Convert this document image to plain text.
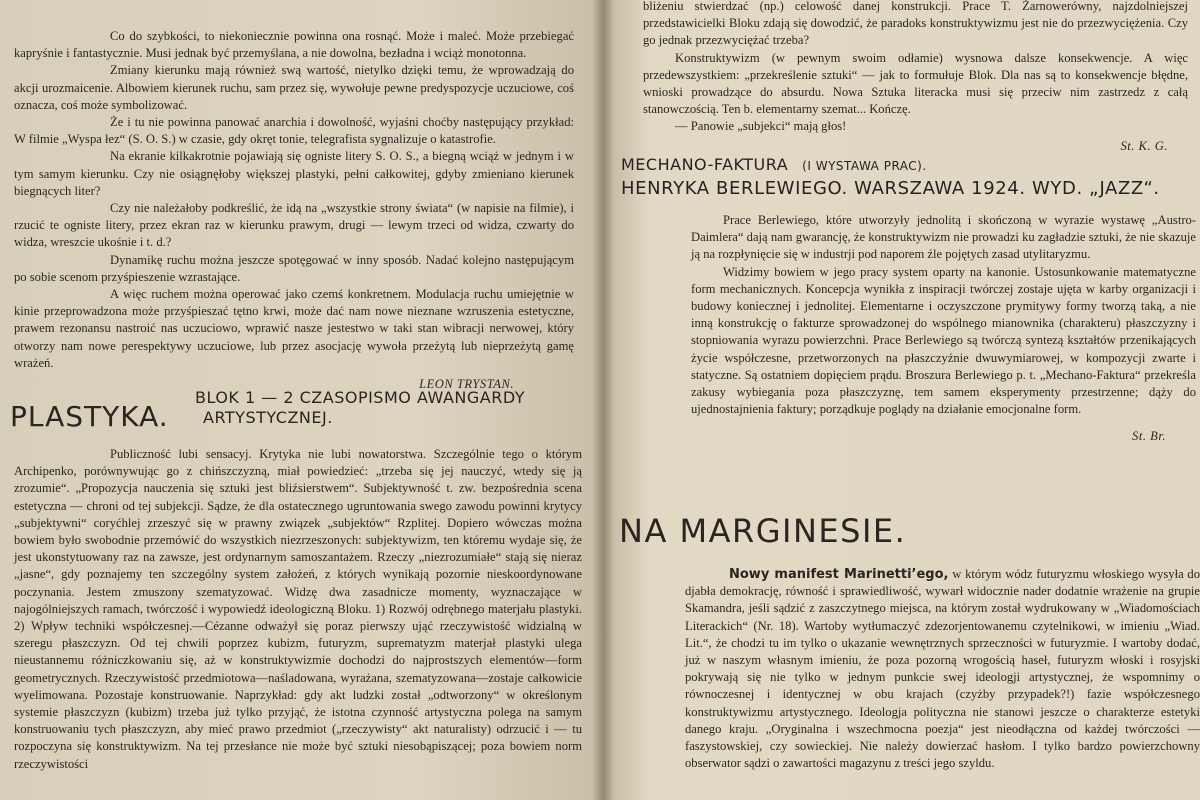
Co do szybkości, to niekoniecznie powinna ona rosnąć. Może i maleć. Może przebiegać kapryśnie i fantastycznie. Musi jednak być przemyślana, a nie dowolna, bezładna i wciąż monotonna.

Zmiany kierunku mają również swą wartość, nietylko dzięki temu, że wprowadzają do akcji urozmaicenie. Albowiem kierunek ruchu, sam przez się, wywołuje pewne predyspozycje uczuciowe, coś oznacza, coś może symbolizować.

Że i tu nie powinna panować anarchia i dowolność, wyjaśni choćby następujący przykład: W filmie „Wyspa łez“ (S. O. S.) w czasie, gdy okręt tonie, telegrafista sygnalizuje o katastrofie.

Na ekranie kilkakrotnie pojawiają się ogniste litery S. O. S., a biegną wciąż w jednym i w tym samym kierunku. Czy nie osiągnęłoby większej plastyki, pełni całkowitej, gdyby zmieniano kierunek biegnących liter?

Czy nie należałoby podkreślić, że idą na „wszystkie strony świata“ (w napisie na filmie), i rzucić te ogniste litery, przez ekran raz w kierunku prawym, drugi — lewym trzeci od widza, czwarty do widza, wreszcie ukośnie i t. d.?

Dynamikę ruchu można jeszcze spotęgować w inny sposób. Nadać kolejno następującym po sobie scenom przyśpieszenie wzrastające.

A więc ruchem można operować jako czemś konkretnem. Modulacja ruchu umiejętnie w kinie przeprowadzona może przyśpieszać tętno krwi, może dać nam nowe nieznane wzruszenia estetyczne, prawem rezonansu nastroić nas uczuciowo, wprawić nasze jestestwo w taki stan wibracji nerwowej, który otworzy nam nowe perespektywy uczuciowe, lub przez asocjację wywoła przeżytą lub nieprzeżytą gamę wrażeń.

LEON TRYSTAN.
PLASTYKA.
BLOK 1 — 2 CZASOPISMO AWANGARDY
ARTYSTYCZNEJ.

Publiczność lubi sensacyj. Krytyka nie lubi nowatorstwa. Szczególnie tego o którym Archipenko, porównywując go z chińszczyzną, miał powiedzieć: „trzeba się jej nauczyć, wtedy się ją zrozumie“. „Propozycja nauczenia się sztuki jest bliźsierstwem“. Subjektywność t. zw. bezpośrednia scena estetyczna — chroni od tej subjekcji. Sądze, że dla ostatecznego ugruntowania swego zawodu powinni krytycy „subjektywni“ coryćhlej zrzeszyć się w prawny związek „subjektów“ Rzplitej. Dopiero wówczas można bowiem było swobodnie przemówić do wszystkich niezrzeszonych: subjektywizm, ten któremu wydaje się, że jest ukonstytuowany raz na zawsze, jest ordynarnym samoszantażem. Rzeczy „niezrozumiałe“ stają się nieraz „jasne“, gdy poznajemy ten szczególny system założeń, z których wynikają pozornie nieskoordynowane poczynania. Jestem zmuszony szematyzować. Widzę dwa zasadnicze momenty, wyznaczające w najogólniejszych ramach, twórczość i wypowiedź ideologiczną Bloku. 1) Rozwój odrębnego materjału plastyki. 2) Wpływ techniki współczesnej.—Cézanne odważył się poraz pierwszy ująć rzeczywistość widzialną w szeregu płaszczyzn. Od tej chwili poprzez kubizm, futuryzm, suprematyzm materjał plastyki ulega nieustannemu różniczkowaniu się, aż w konstruktywizmie dochodzi do najprostszych elementów—form geometrycznych. Rzeczywistość przedmiotowa—naśladowana, wyrażana, szematyzowana—zostaje całkowicie wyelimowana. Pozostaje konstruowanie. Naprzykład: gdy akt ludzki został „odtworzony“ w określonym systemie płaszczyzn (kubizm) trzeba już tylko przyjąć, że istotna czynność artystyczna polega na samym konstruowaniu tych płaszczyzn, aby mieć prawo przedmiot („rzeczywisty“ akt naturalisty) odrzucić i — tu rozpoczyna się konstruktywizm. Na tej przesłance nie może być sztuki niesobąpiszącej; poza bowiem norm rzeczywistości

bliżeniu stwierdzać (np.) celowość danej konstrukcji. Prace T. Żarnowerówny, najzdolniejszej przedstawicielki Bloku zdają się dowodzić, że paradoks konstruktywizmu jest nie do przezwyciężenia. Czy go jednak przezwyciężać trzeba?

Konstruktywizm (w pewnym swoim odłamie) wysnowa dalsze konsekwencje. A więc przedewszystkiem: „przekreślenie sztuki“ — jak to formułuje Blok. Dla nas są to konsekwencje błędne, wnioski prowadzące do absurdu. Nowa Sztuka literacka musi się przeciw nim zastrzedz z całą stanowczością. Ten b. elementarny szemat... Kończę.

— Panowie „subjekci“ mają głos!

St. K. G.
MECHANO-FAKTURA (I WYSTAWA PRAC).
HENRYKA BERLEWIEGO. WARSZAWA 1924. WYD. „JAZZ“.

Prace Berlewiego, które utworzyły jednolitą i skończoną w wyrazie wystawę „Austro-Daimlera“ dają nam gwarancję, że konstruktywizm nie prowadzi ku zagładzie sztuki, że nie skazuje ją na rozpłynięcie się w industrji pod naporem źle pojętych zasad utylitaryzmu.

Widzimy bowiem w jego pracy system oparty na kanonie. Ustosunkowanie matematyczne form mechanicznych. Koncepcja wynikła z inspiracji twórczej zostaje ujęta w karby organizacji i budowy koniecznej i jednolitej. Elementarne i oczyszczone prymitywy formy tworzą taką, a nie inną konstrukcję o fakturze sprowadzonej do wspólnego mianownika (charakteru) płaszczyzny i stopniowania wyrazu powierzchni. Prace Berlewiego są twórczą syntezą kształtów przenikających życie współczesne, przetworzonych na płaszczyźnie dwuwymiarowej, w kompozycji zwarte i statyczne. Są ostatniem dopięciem prądu. Broszura Berlewiego p. t. „Mechano-Faktura“ przekreśla zakusy wybiegania poza płaszczyznę, tem samem eksperymenty przestrzenne; dąży do ujednostajnienia faktury; porządkuje poglądy na działanie emocjonalne form.

St. Br.
NA MARGINESIE.

Nowy manifest Marinetti’ego, w którym wódz futuryzmu włoskiego wysyła do djabła demokrację, równość i sprawiedliwość, wywarł widocznie nader dodatnie wrażenie na grupie Skamandra, jeśli sądzić z zaszczytnego miejsca, na którym został wydrukowany w „Wiadomościach Literackich“ (Nr. 18). Wartoby wytłumaczyć zdezorjentowanemu czytelnikowi, w imieniu „Wiad. Lit.“, że chodzi tu im tylko o ukazanie wewnętrznych sprzeczności w futuryzmie. I wartoby dodać, już w naszym własnym imieniu, że poza pozorną wrogością haseł, futuryzm włoski i rosyjski pokrywają się nie tylko w jednym punkcie swej ideologji artystycznej, że wspomnimy o równoczesnej i identycznej w obu krajach (czyżby przypadek?!) fazie współczesnego konstruktywizmu artystycznego. Ideologja polityczna nie stanowi jeszcze o charakterze estetyki danego kraju. „Oryginalna i wszechmocna poezja“ jest nieodłączna od każdej twórczości — faszystowskiej, czy sowieckiej. Nie należy dowierzać hasłom. I tylko bardzo powierzchowny obserwator sądzi o zawartości magazynu z treści jego szyldu.
